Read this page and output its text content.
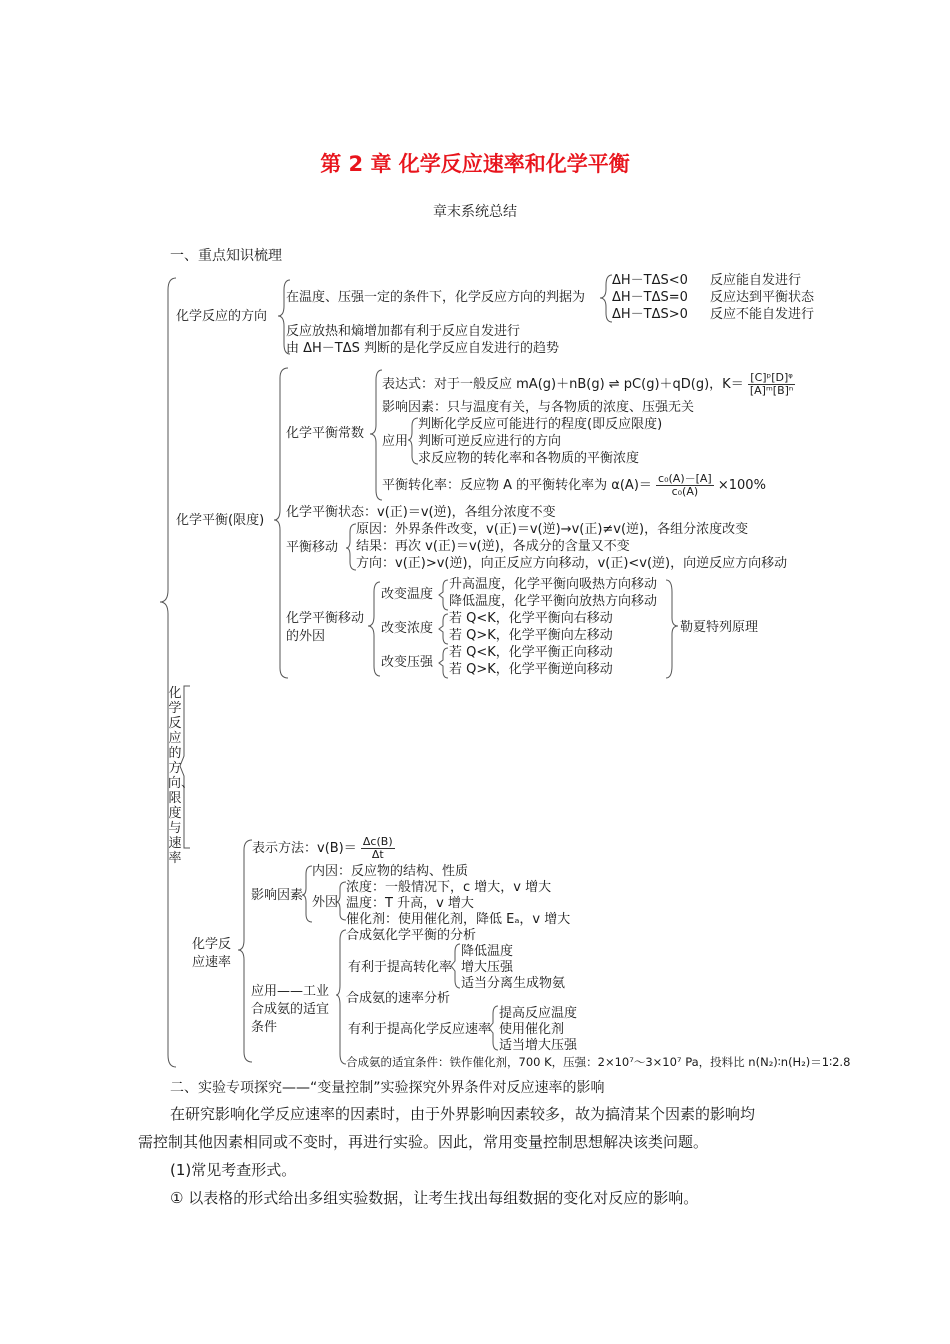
第 2 章 化学反应速率和化学平衡
章末系统总结
一、重点知识梳理
化学反应的方向
在温度、压强一定的条件下，化学反应方向的判据为
ΔH－TΔS<0 反应能自发进行
ΔH－TΔS=0 反应达到平衡状态
ΔH－TΔS>0 反应不能自发进行
反应放热和熵增加都有利于反应自发进行
由 ΔH－TΔS 判断的是化学反应自发进行的趋势
化学平衡(限度)
化学平衡常数
表达式：对于一般反应 mA(g)＋nB(g) ⇌ pC(g)＋qD(g)，$K= \frac{\text{[C]ᵖ[D]ᵠ}}{\text{[A]ᵐ[B]ⁿ}}$
影响因素：只与温度有关，与各物质的浓度、压强无关
应用
判断化学反应可能进行的程度(即反应限度)
判断可逆反应进行的方向
求反应物的转化率和各物质的平衡浓度
平衡转化率：反应物 A 的平衡转化率为 $\alpha(A)= \frac{\text{c₀(A)－[A]}}{\text{c₀(A)}} \times 100\%$
化学平衡状态：v(正)＝v(逆)，各组分浓度不变
平衡移动
原因：外界条件改变，v(正)＝v(逆)→v(正)≠v(逆)，各组分浓度改变
结果：再次 v(正)＝v(逆)，各成分的含量又不变
方向：v(正)>v(逆)，向正反应方向移动，v(正)<v(逆)，向逆反应方向移动
化学平衡移动的外因
改变温度
升高温度，化学平衡向吸热方向移动
降低温度，化学平衡向放热方向移动
改变浓度
若 Q<K，化学平衡向右移动
若 Q>K，化学平衡向左移动
改变压强
若 Q<K，化学平衡正向移动
若 Q>K，化学平衡逆向移动
勒夏特列原理
化学反应的方向、限度与速率
化学反应速率
表示方法：$v(B)= \frac{\Delta c(B)}{\Delta t}$
影响因素
内因：反应物的结构、性质
外因
浓度：一般情况下，c 增大，v 增大
温度：T 升高，v 增大
催化剂：使用催化剂，降低 Eₐ，v 增大
应用——工业合成氨的适宜条件
合成氨化学平衡的分析
有利于提高转化率
降低温度
增大压强
适当分离生成物氨
合成氨的速率分析
有利于提高化学反应速率
提高反应温度
使用催化剂
适当增大压强
合成氨的适宜条件：铁作催化剂，700 K，压强：2×10⁷～3×10⁷ Pa，投料比 n(N₂)∶n(H₂)＝1∶2.8
二、实验专项探究——“变量控制”实验探究外界条件对反应速率的影响
在研究影响化学反应速率的因素时，由于外界影响因素较多，故为搞清某个因素的影响均
需控制其他因素相同或不变时，再进行实验。因此，常用变量控制思想解决该类问题。
(1)常见考查形式。
① 以表格的形式给出多组实验数据，让考生找出每组数据的变化对反应的影响。
